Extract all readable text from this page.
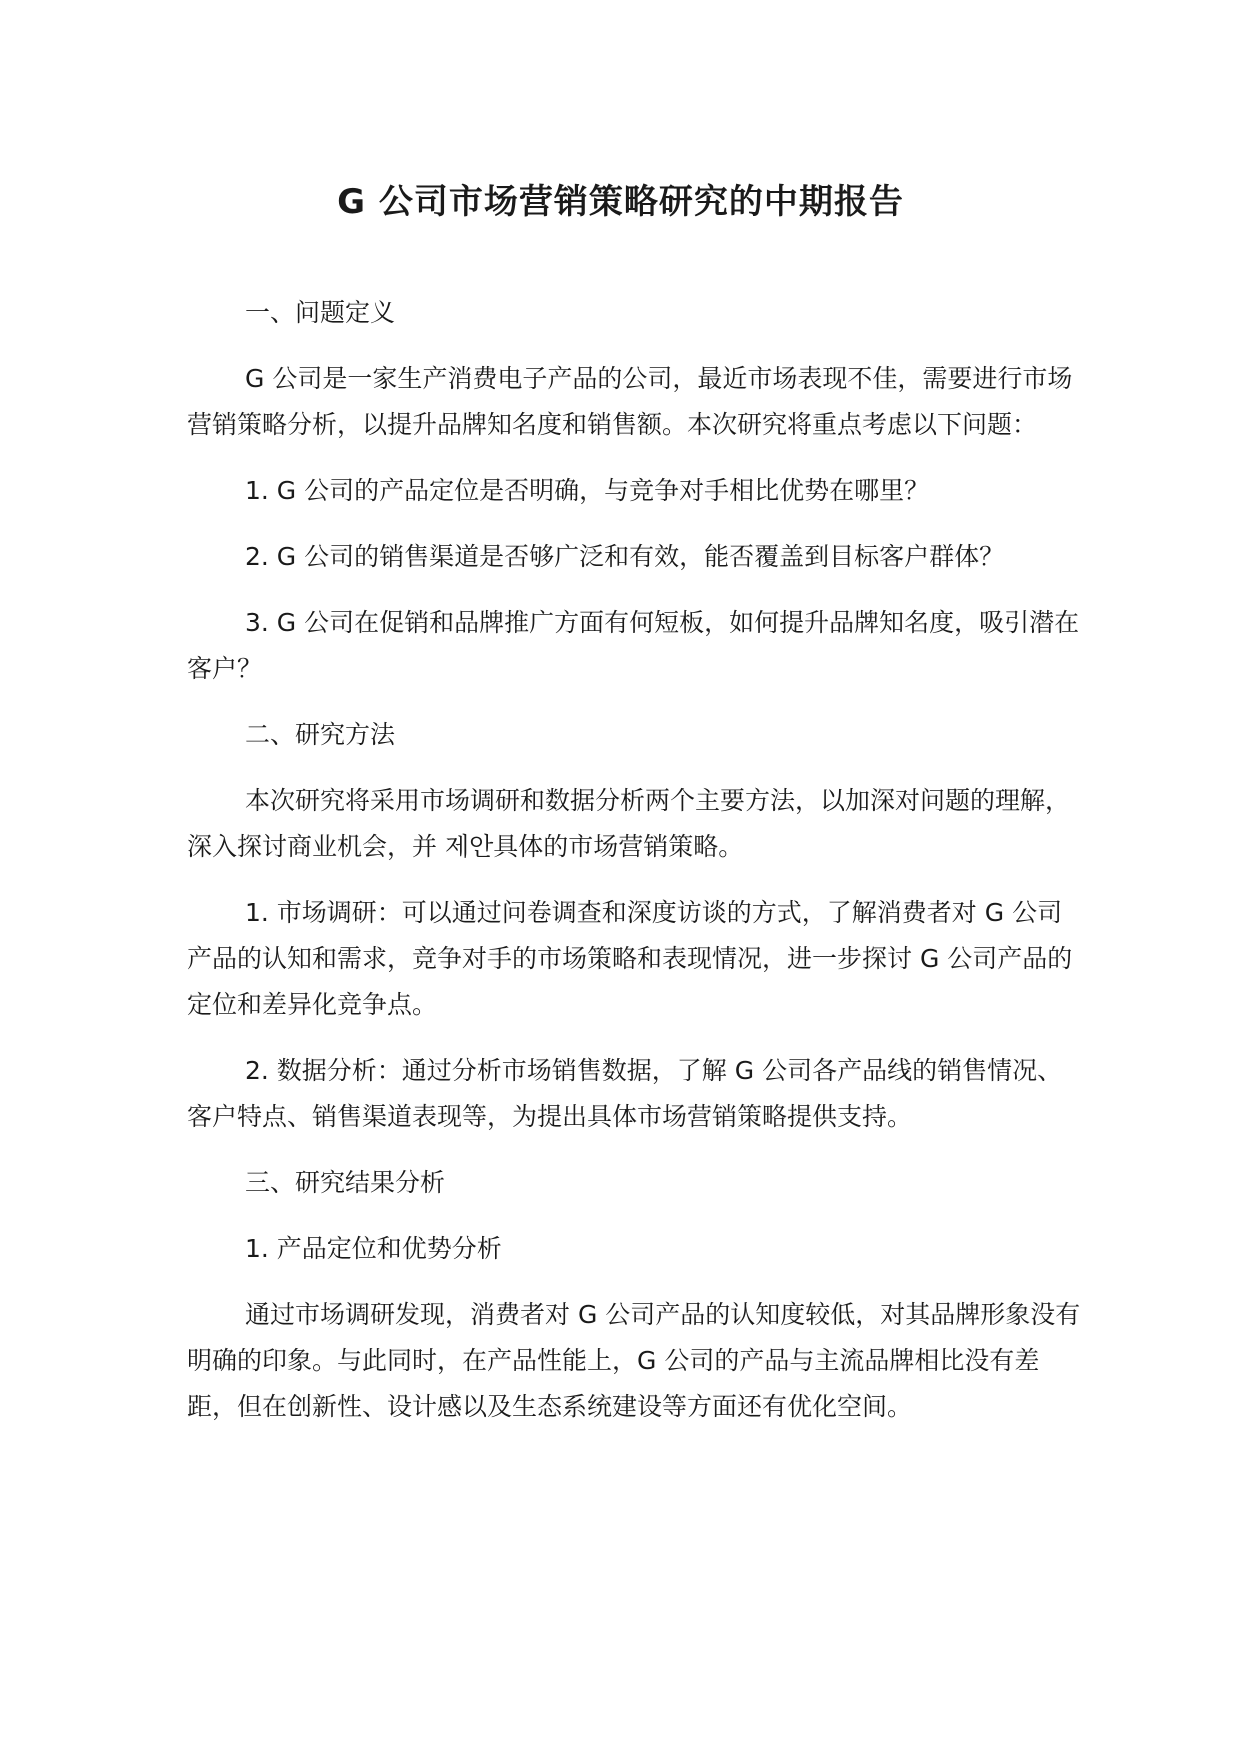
G 公司市场营销策略研究的中期报告

一、问题定义

G 公司是一家生产消费电子产品的公司，最近市场表现不佳，需要进行市场营销策略分析，以提升品牌知名度和销售额。本次研究将重点考虑以下问题：

1. G 公司的产品定位是否明确，与竞争对手相比优势在哪里？

2. G 公司的销售渠道是否够广泛和有效，能否覆盖到目标客户群体？

3. G 公司在促销和品牌推广方面有何短板，如何提升品牌知名度，吸引潜在客户？

二、研究方法

本次研究将采用市场调研和数据分析两个主要方法，以加深对问题的理解，深入探讨商业机会，并 제안具体的市场营销策略。

1. 市场调研：可以通过问卷调查和深度访谈的方式，了解消费者对 G 公司产品的认知和需求，竞争对手的市场策略和表现情况，进一步探讨 G 公司产品的定位和差异化竞争点。

2. 数据分析：通过分析市场销售数据，了解 G 公司各产品线的销售情况、客户特点、销售渠道表现等，为提出具体市场营销策略提供支持。

三、研究结果分析

1. 产品定位和优势分析

通过市场调研发现，消费者对 G 公司产品的认知度较低，对其品牌形象没有明确的印象。与此同时，在产品性能上，G 公司的产品与主流品牌相比没有差距，但在创新性、设计感以及生态系统建设等方面还有优化空间。
